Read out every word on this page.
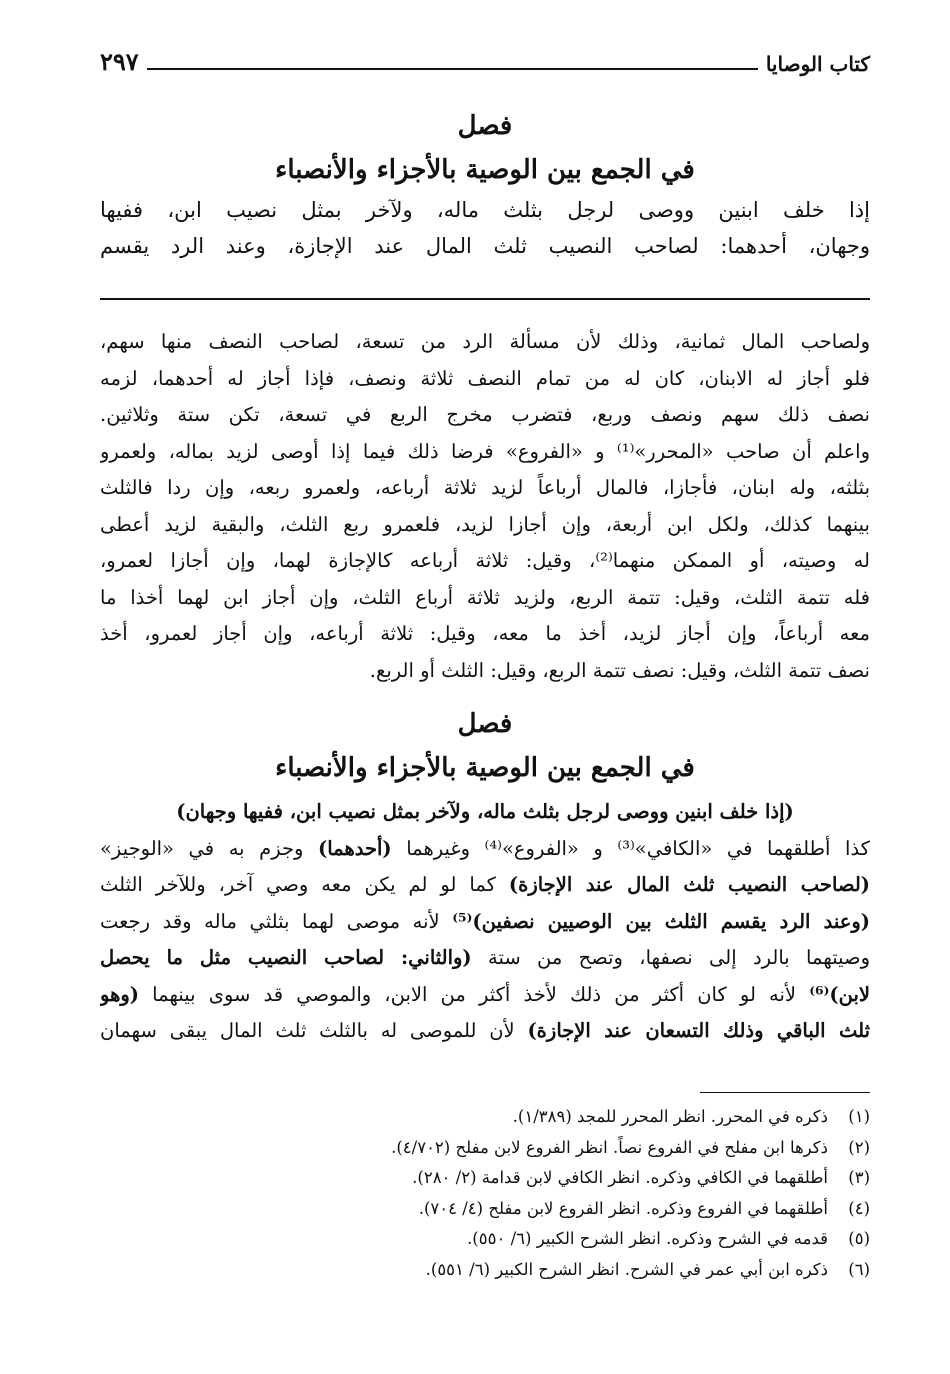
كتاب الوصايا
٢٩٧
فصل
في الجمع بين الوصية بالأجزاء والأنصباء
إذا خلف ابنين ووصى لرجل بثلث ماله، ولآخر بمثل نصيب ابن، ففيها
وجهان، أحدهما: لصاحب النصيب ثلث المال عند الإجازة، وعند الرد يقسم
ولصاحب المال ثمانية، وذلك لأن مسألة الرد من تسعة، لصاحب النصف منها سهم،
فلو أجاز له الابنان، كان له من تمام النصف ثلاثة ونصف، فإذا أجاز له أحدهما، لزمه
نصف ذلك سهم ونصف وربع، فتضرب مخرج الربع في تسعة، تكن ستة وثلاثين.
واعلم أن صاحب «المحرر»⁽¹⁾ و «الفروع» فرضا ذلك فيما إذا أوصى لزيد بماله، ولعمرو
بثلثه، وله ابنان، فأجازا، فالمال أرباعاً لزيد ثلاثة أرباعه، ولعمرو ربعه، وإن ردا فالثلث
بينهما كذلك، ولكل ابن أربعة، وإن أجازا لزيد، فلعمرو ربع الثلث، والبقية لزيد أعطى
له وصيته، أو الممكن منهما⁽²⁾، وقيل: ثلاثة أرباعه كالإجازة لهما، وإن أجازا لعمرو،
فله تتمة الثلث، وقيل: تتمة الربع، ولزيد ثلاثة أرباع الثلث، وإن أجاز ابن لهما أخذا ما
معه أرباعاً، وإن أجاز لزيد، أخذ ما معه، وقيل: ثلاثة أرباعه، وإن أجاز لعمرو، أخذ
نصف تتمة الثلث، وقيل: نصف تتمة الربع، وقيل: الثلث أو الربع.
فصل
في الجمع بين الوصية بالأجزاء والأنصباء
(إذا خلف ابنين ووصى لرجل بثلث ماله، ولآخر بمثل نصيب ابن، ففيها وجهان)
كذا أطلقهما في «الكافي»⁽³⁾ و «الفروع»⁽⁴⁾ وغيرهما (أحدهما) وجزم به في «الوجيز»
(لصاحب النصيب ثلث المال عند الإجازة) كما لو لم يكن معه وصي آخر، وللآخر الثلث
(وعند الرد يقسم الثلث بين الوصيين نصفين)⁽⁵⁾ لأنه موصى لهما بثلثي ماله وقد رجعت
وصيتهما بالرد إلى نصفها، وتصح من ستة (والثاني: لصاحب النصيب مثل ما يحصل
لابن)⁽⁶⁾ لأنه لو كان أكثر من ذلك لأخذ أكثر من الابن، والموصي قد سوى بينهما (وهو
ثلث الباقي وذلك التسعان عند الإجازة) لأن للموصى له بالثلث ثلث المال يبقى سهمان
(١)ذكره في المحرر. انظر المحرر للمجد (١/٣٨٩).
(٢)ذكرها ابن مفلح في الفروع نصاً. انظر الفروع لابن مفلح (٤/٧٠٢).
(٣)أطلقهما في الكافي وذكره. انظر الكافي لابن قدامة (٢/ ٢٨٠).
(٤)أطلقهما في الفروع وذكره. انظر الفروع لابن مفلح (٤/ ٧٠٤).
(٥)قدمه في الشرح وذكره. انظر الشرح الكبير (٦/ ٥٥٠).
(٦)ذكره ابن أبي عمر في الشرح. انظر الشرح الكبير (٦/ ٥٥١).
